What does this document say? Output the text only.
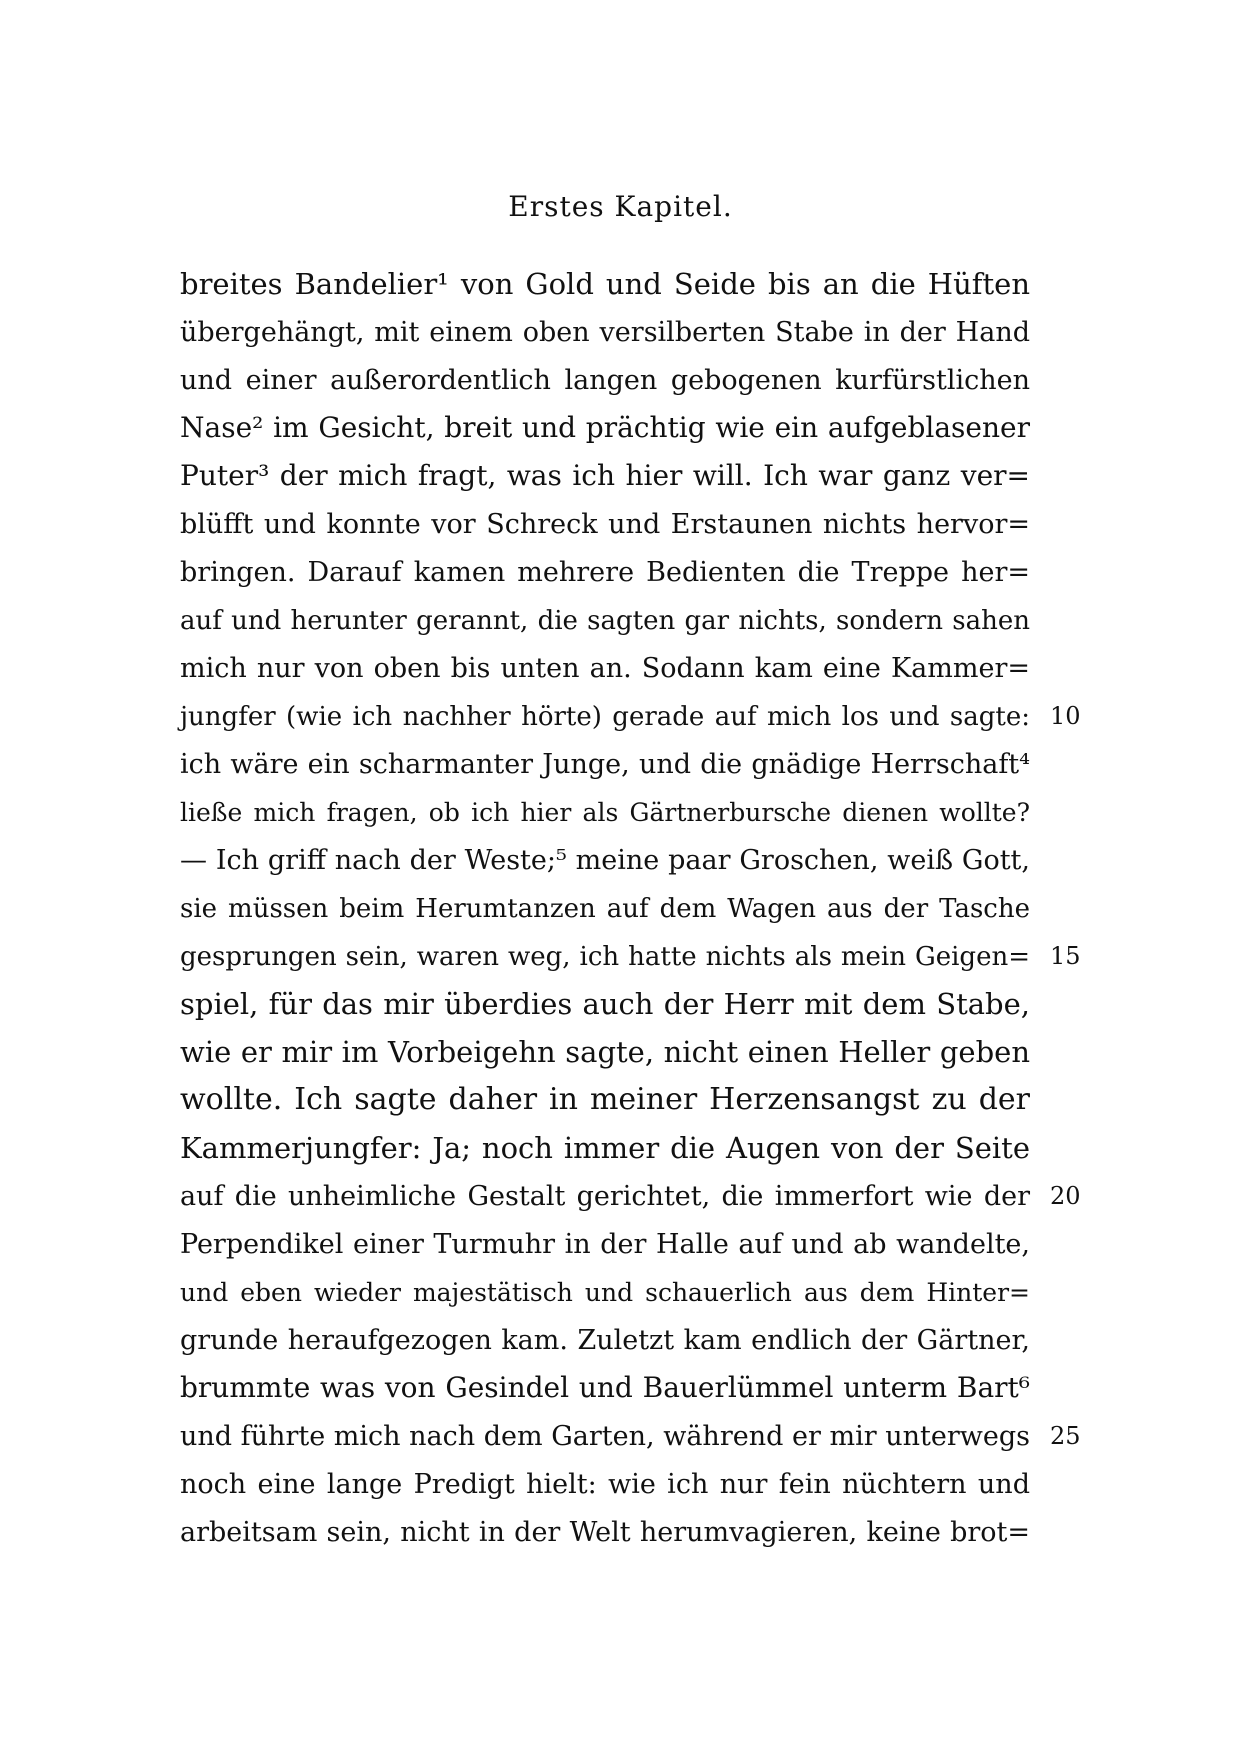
Erstes Kapitel.
breites Bandelier¹ von Gold und Seide bis an die Hüften
übergehängt, mit einem oben versilberten Stabe in der Hand
und einer außerordentlich langen gebogenen kurfürstlichen
Nase² im Gesicht, breit und prächtig wie ein aufgeblasener
Puter³ der mich fragt, was ich hier will. Ich war ganz ver=
blüfft und konnte vor Schreck und Erstaunen nichts hervor=
bringen. Darauf kamen mehrere Bedienten die Treppe her=
auf und herunter gerannt, die sagten gar nichts, sondern sahen
mich nur von oben bis unten an. Sodann kam eine Kammer=
jungfer (wie ich nachher hörte) gerade auf mich los und sagte: 10
ich wäre ein scharmanter Junge, und die gnädige Herrschaft⁴
ließe mich fragen, ob ich hier als Gärtnerbursche dienen wollte?
— Ich griff nach der Weste;⁵ meine paar Groschen, weiß Gott,
sie müssen beim Herumtanzen auf dem Wagen aus der Tasche
gesprungen sein, waren weg, ich hatte nichts als mein Geigen= 15
spiel, für das mir überdies auch der Herr mit dem Stabe,
wie er mir im Vorbeigehn sagte, nicht einen Heller geben
wollte. Ich sagte daher in meiner Herzensangst zu der
Kammerjungfer: Ja; noch immer die Augen von der Seite
auf die unheimliche Gestalt gerichtet, die immerfort wie der 20
Perpendikel einer Turmuhr in der Halle auf und ab wandelte,
und eben wieder majestätisch und schauerlich aus dem Hinter=
grunde heraufgezogen kam. Zuletzt kam endlich der Gärtner,
brummte was von Gesindel und Bauerlümmel unterm Bart⁶
und führte mich nach dem Garten, während er mir unterwegs 25
noch eine lange Predigt hielt: wie ich nur fein nüchtern und
arbeitsam sein, nicht in der Welt herumvagieren, keine brot=
